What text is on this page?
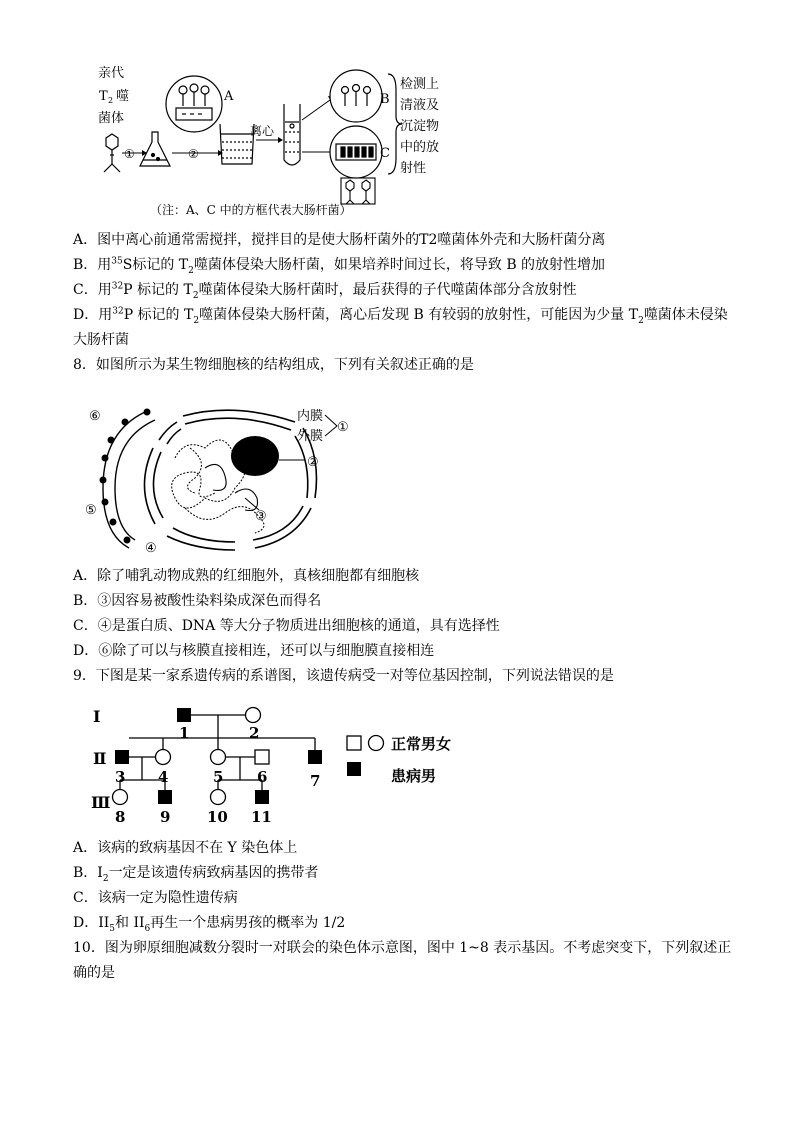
亲代
T 2 噬
菌体
①	②
A
离心
B
C
检测上
清液及
沉淀物
中的放
射性
（注：A、C 中的方框代表大肠杆菌）
A．图中离心前通常需搅拌，搅拌目的是使大肠杆菌外的T2噬菌体外壳和大肠杆菌分离
B．用$^{35}$S标记的 $T_2$噬菌体侵染大肠杆菌，如果培养时间过长，将导致 B 的放射性增加
C．用$^{32}$P 标记的 $T_2$噬菌体侵染大肠杆菌时，最后获得的子代噬菌体部分含放射性
D．用$^{32}$P 标记的 $T_2$噬菌体侵染大肠杆菌，离心后发现 B 有较弱的放射性，可能因为少量 $T_2$噬菌体未侵染
大肠杆菌
8．如图所示为某生物细胞核的结构组成，下列有关叙述正确的是
⑥
⑤
④
③
②
内膜
外膜
①
A．除了哺乳动物成熟的红细胞外，真核细胞都有细胞核
B．③因容易被酸性染料染成深色而得名
C．④是蛋白质、DNA 等大分子物质进出细胞核的通道，具有选择性
D．⑥除了可以与核膜直接相连，还可以与细胞膜直接相连
9．下图是某一家系遗传病的系谱图，该遗传病受一对等位基因控制，下列说法错误的是
Ⅰ
Ⅱ
Ⅲ
1	2
3 4	5 6	7
8 9 10 11
正常男女
患病男
A．该病的致病基因不在 Y 染色体上
B．$I_2$一定是该遗传病致病基因的携带者
C．该病一定为隐性遗传病
D．$II_5$和 $II_6$再生一个患病男孩的概率为 1/2
10．图为卵原细胞减数分裂时一对联会的染色体示意图，图中 1~8 表示基因。不考虑突变下，下列叙述正
确的是
